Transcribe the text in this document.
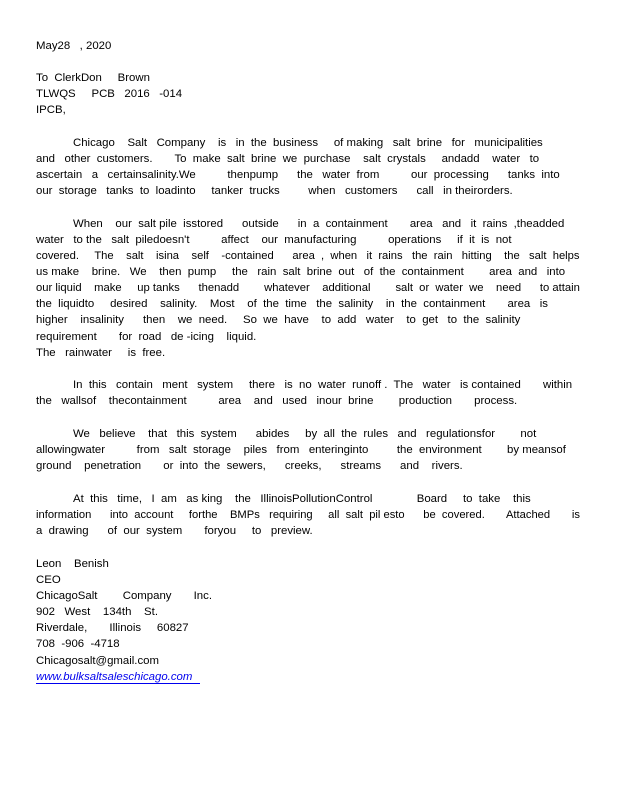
May28   , 2020
To  ClerkDon     Brown
TLWQS     PCB   2016   -014
IPCB,
Chicago    Salt   Company    is   in  the  business     of making   salt  brine   for   municipalities
and   other  customers.       To  make  salt  brine  we  purchase    salt  crystals     andadd    water   to
ascertain   a   certainsalinity.We          thenpump      the   water  from          our  processing      tanks  into
our  storage   tanks  to  loadinto     tanker  trucks         when   customers      call   in theirorders.
When    our  salt pile  isstored      outside      in  a  containment       area   and   it  rains  ,theadded
water   to the   salt  piledoesn't          affect    our  manufacturing          operations     if  it  is  not
covered.     The    salt    isina    self    -contained      area  ,  when   it  rains   the  rain   hitting    the   salt  helps
us make    brine.   We    then  pump     the   rain  salt  brine  out   of  the  containment        area  and   into
our liquid    make     up tanks      thenadd        whatever    additional        salt  or  water  we    need      to attain
the  liquidto     desired    salinity.    Most    of  the  time   the  salinity    in  the  containment       area   is
higher    insalinity      then    we  need.     So  we  have    to  add   water    to  get   to  the  salinity
requirement       for  road   de -icing    liquid.
The   rainwater     is  free.
In  this   contain   ment   system     there   is  no  water  runoff .  The   water   is contained       within
the   wallsof    thecontainment          area    and   used   inour  brine        production       process.
We   believe    that   this  system      abides     by  all  the  rules   and   regulationsfor        not
allowingwater          from   salt  storage    piles   from   enteringinto         the  environment        by meansof
ground    penetration       or  into  the  sewers,      creeks,      streams      and    rivers.
At  this   time,   I  am   as king    the   IllinoisPollutionControl              Board     to  take    this
information      into  account     forthe    BMPs   requiring     all  salt  pil esto      be  covered.       Attached       is
a  drawing      of  our  system       foryou     to   preview.
Leon    Benish
CEO
ChicagoSalt        Company       Inc.
902   West    134th    St.
Riverdale,       Illinois     60827
708  -906  -4718
Chicagosalt@gmail.com
www.bulksaltsaleschicago.com
